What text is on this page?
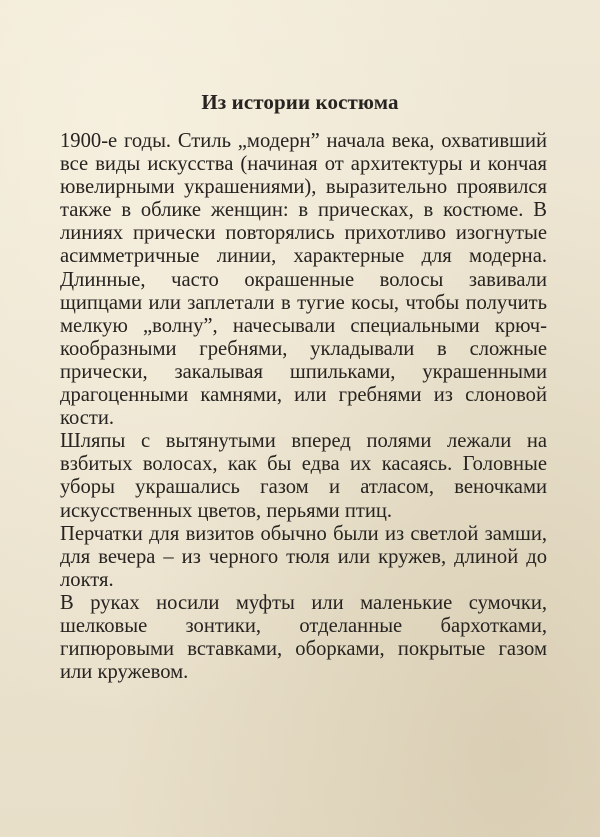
Из истории костюма

1900-е годы. Стиль „модерн” начала века, охвативший все виды искусства (начиная от архитектуры и кончая ювелирными украшениями), выразительно проявился также в облике женщин: в прическах, в костюме. В линиях прически повторялись прихотливо изогнутые асимметричные линии, характерные для модерна. Длинные, часто окрашенные волосы завивали щипцами или заплетали в тугие косы, чтобы получить мелкую „волну”, начесывали специальными крючкообразными гребнями, укладывали в сложные прически, закалывая шпильками, украшенными драгоценными камнями, или гребнями из слоновой кости.

Шляпы с вытянутыми вперед полями лежали на взбитых волосах, как бы едва их касаясь. Головные уборы украшались газом и атласом, веночками искусственных цветов, перьями птиц.

Перчатки для визитов обычно были из светлой замши, для вечера – из черного тюля или кружев, длиной до локтя.

В руках носили муфты или маленькие сумочки, шелковые зонтики, отделанные бархотками, гипюровыми вставками, оборками, покрытые газом или кружевом.
